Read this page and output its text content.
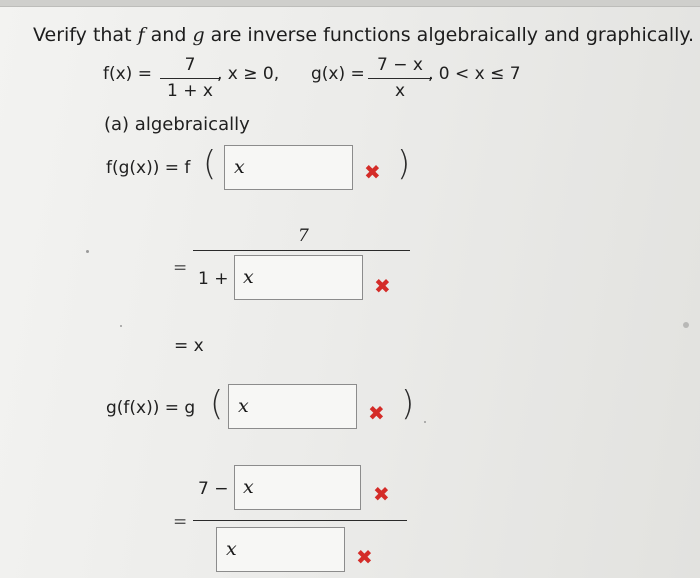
Verify that f and g are inverse functions algebraically and graphically.
f(x) =	7
1 + x
, x ≥ 0, g(x) = 7 − x
x
, 0 < x ≤ 7
(a) algebraically
f(g(x)) = f ( x	✖ )
=
7
1 + x	✖
= x
g(f(x)) = g ( x	✖ )
=
7 − x	✖
x	✖
